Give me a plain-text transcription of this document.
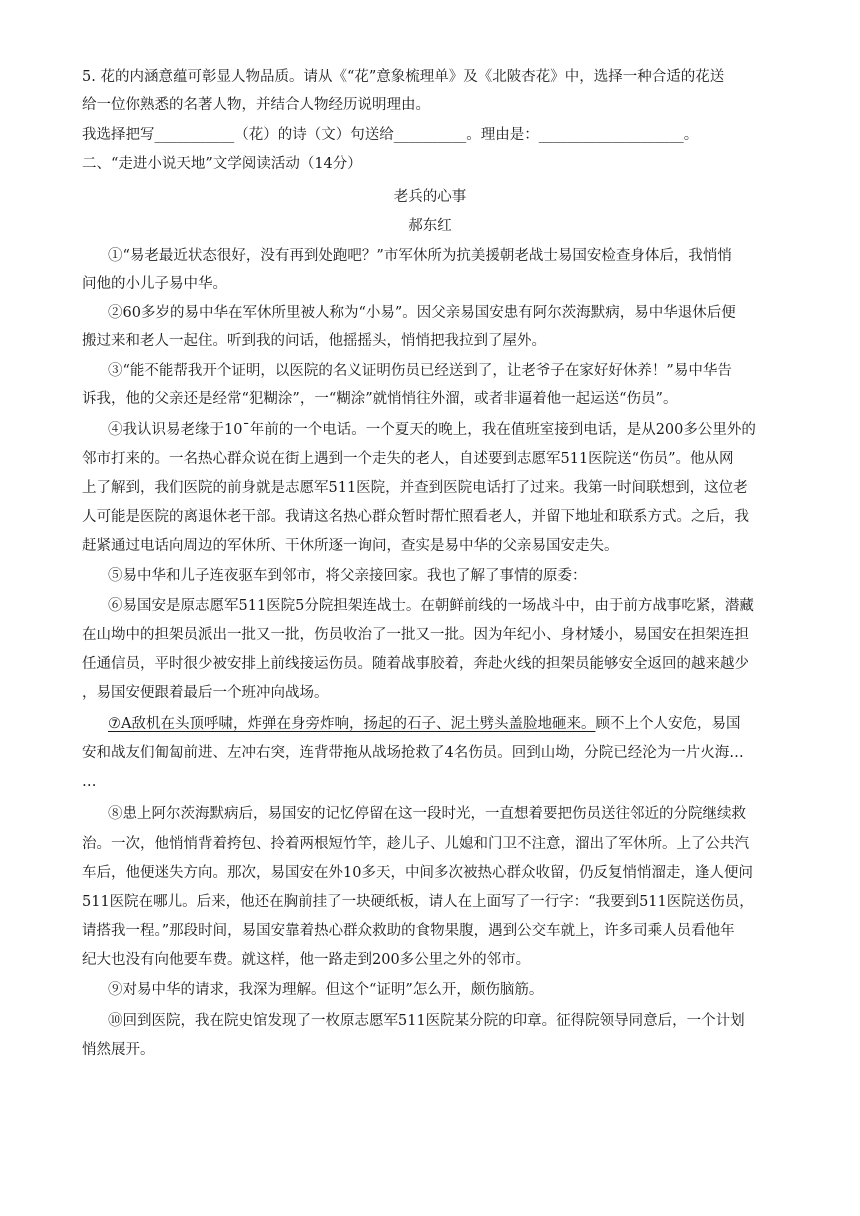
5. 花的内涵意蕴可彰显人物品质。请从《“花”意象梳理单》及《北陂杏花》中，选择一种合适的花送
给一位你熟悉的名著人物，并结合人物经历说明理由。
我选择把写___________（花）的诗（文）句送给__________。理由是：____________________。
二、“走进小说天地”文学阅读活动（14分）
老兵的心事
郝东红
①“易老最近状态很好，没有再到处跑吧？”市军休所为抗美援朝老战士易国安检查身体后，我悄悄
问他的小儿子易中华。
②60多岁的易中华在军休所里被人称为“小易”。因父亲易国安患有阿尔茨海默病，易中华退休后便
搬过来和老人一起住。听到我的问话，他摇摇头，悄悄把我拉到了屋外。
③“能不能帮我开个证明，以医院的名义证明伤员已经送到了，让老爷子在家好好休养！”易中华告
诉我，他的父亲还是经常“犯糊涂”，一“糊涂”就悄悄往外溜，或者非逼着他一起运送“伤员”。
④我认识易老缘于10¯年前的一个电话。一个夏天的晚上，我在值班室接到电话，是从200多公里外的
邻市打来的。一名热心群众说在街上遇到一个走失的老人，自述要到志愿军511医院送“伤员”。他从网
上了解到，我们医院的前身就是志愿军511医院，并查到医院电话打了过来。我第一时间联想到，这位老
人可能是医院的离退休老干部。我请这名热心群众暂时帮忙照看老人，并留下地址和联系方式。之后，我
赶紧通过电话向周边的军休所、干休所逐一询问，查实是易中华的父亲易国安走失。
⑤易中华和儿子连夜驱车到邻市，将父亲接回家。我也了解了事情的原委：
⑥易国安是原志愿军511医院5分院担架连战士。在朝鲜前线的一场战斗中，由于前方战事吃紧，潜藏
在山坳中的担架员派出一批又一批，伤员收治了一批又一批。因为年纪小、身材矮小，易国安在担架连担
任通信员，平时很少被安排上前线接运伤员。随着战事胶着，奔赴火线的担架员能够安全返回的越来越少
，易国安便跟着最后一个班冲向战场。
⑦A敌机在头顶呼啸，炸弹在身旁炸响，扬起的石子、泥土劈头盖脸地砸来。顾不上个人安危，易国
安和战友们匍匐前进、左冲右突，连背带拖从战场抢救了4名伤员。回到山坳，分院已经沦为一片火海…
…
⑧患上阿尔茨海默病后，易国安的记忆停留在这一段时光，一直想着要把伤员送往邻近的分院继续救
治。一次，他悄悄背着挎包、拎着两根短竹竿，趁儿子、儿媳和门卫不注意，溜出了军休所。上了公共汽
车后，他便迷失方向。那次，易国安在外10多天，中间多次被热心群众收留，仍反复悄悄溜走，逢人便问
511医院在哪儿。后来，他还在胸前挂了一块硬纸板，请人在上面写了一行字：“我要到511医院送伤员，
请搭我一程。”那段时间，易国安靠着热心群众救助的食物果腹，遇到公交车就上，许多司乘人员看他年
纪大也没有向他要车费。就这样，他一路走到200多公里之外的邻市。
⑨对易中华的请求，我深为理解。但这个“证明”怎么开，颇伤脑筋。
⑩回到医院，我在院史馆发现了一枚原志愿军511医院某分院的印章。征得院领导同意后，一个计划
悄然展开。
